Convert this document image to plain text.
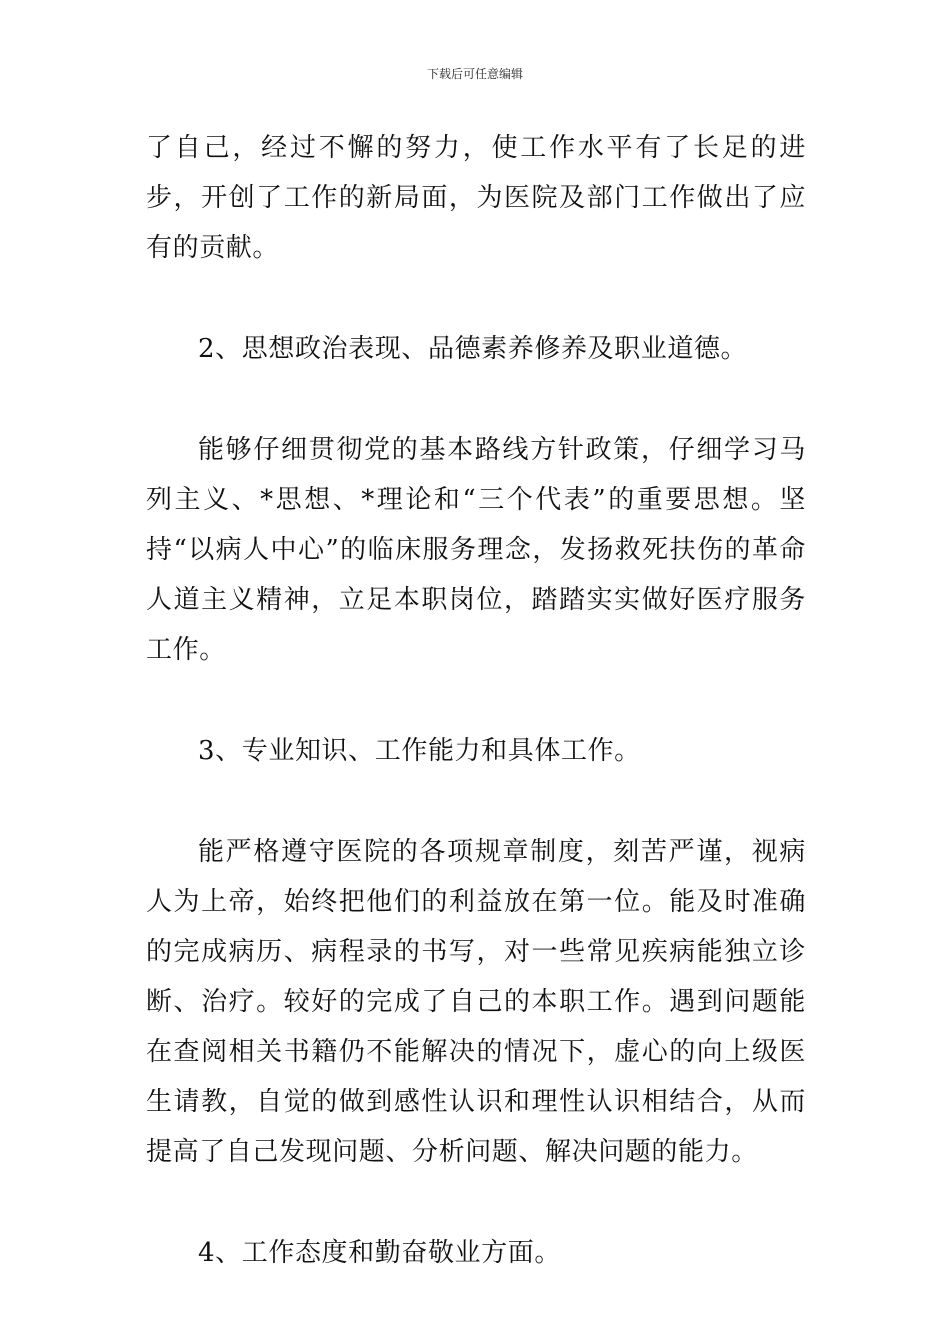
下载后可任意编辑

了自己，经过不懈的努力，使工作水平有了长足的进步，开创了工作的新局面，为医院及部门工作做出了应有的贡献。

2、思想政治表现、品德素养修养及职业道德。

能够仔细贯彻党的基本路线方针政策，仔细学习马列主义、*思想、*理论和“三个代表”的重要思想。坚持“以病人中心”的临床服务理念，发扬救死扶伤的革命人道主义精神，立足本职岗位，踏踏实实做好医疗服务工作。

3、专业知识、工作能力和具体工作。

能严格遵守医院的各项规章制度，刻苦严谨，视病人为上帝，始终把他们的利益放在第一位。能及时准确的完成病历、病程录的书写，对一些常见疾病能独立诊断、治疗。较好的完成了自己的本职工作。遇到问题能在查阅相关书籍仍不能解决的情况下，虚心的向上级医生请教，自觉的做到感性认识和理性认识相结合，从而提高了自己发现问题、分析问题、解决问题的能力。

4、工作态度和勤奋敬业方面。
